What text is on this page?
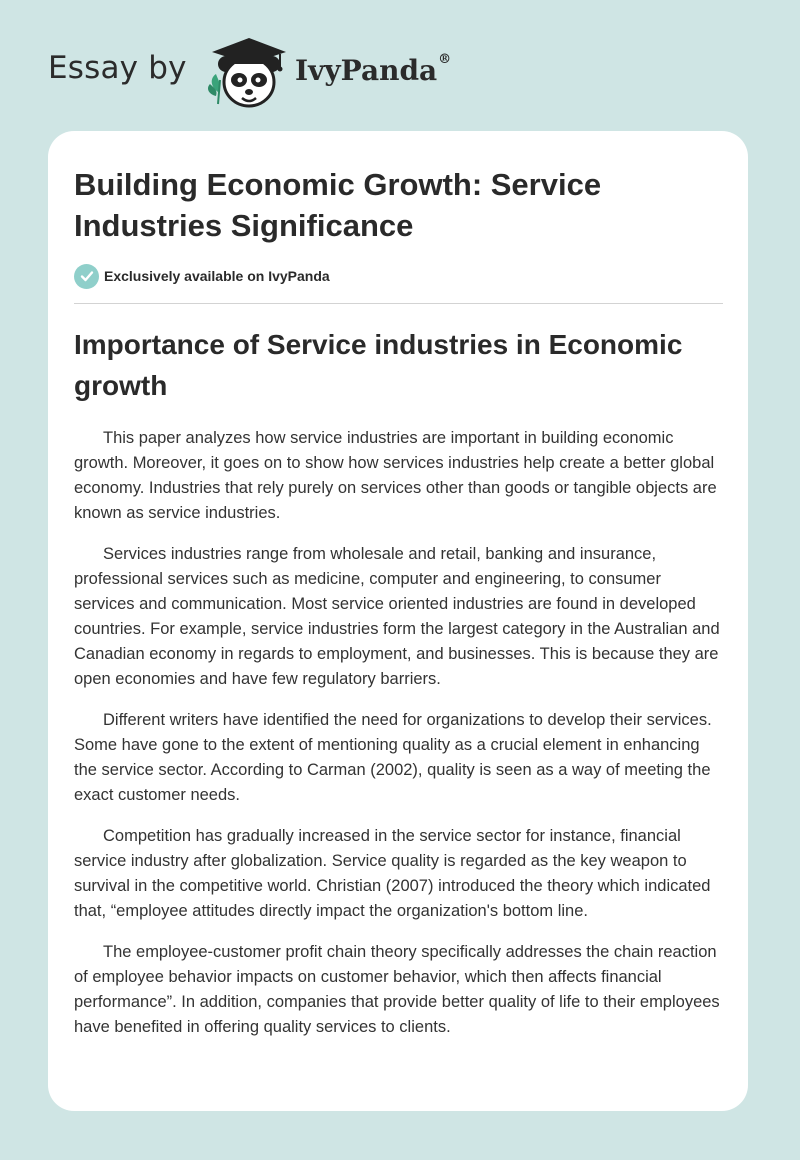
Essay by	IvyPanda®
Building Economic Growth: Service Industries Significance
Exclusively available on IvyPanda
Importance of Service industries in Economic growth

This paper analyzes how service industries are important in building economic growth. Moreover, it goes on to show how services industries help create a better global economy. Industries that rely purely on services other than goods or tangible objects are known as service industries.

Services industries range from wholesale and retail, banking and insurance, professional services such as medicine, computer and engineering, to consumer services and communication. Most service oriented industries are found in developed countries. For example, service industries form the largest category in the Australian and Canadian economy in regards to employment, and businesses. This is because they are open economies and have few regulatory barriers.

Different writers have identified the need for organizations to develop their services. Some have gone to the extent of mentioning quality as a crucial element in enhancing the service sector. According to Carman (2002), quality is seen as a way of meeting the exact customer needs.

Competition has gradually increased in the service sector for instance, financial service industry after globalization. Service quality is regarded as the key weapon to survival in the competitive world. Christian (2007) introduced the theory which indicated that, “employee attitudes directly impact the organization's bottom line.

The employee-customer profit chain theory specifically addresses the chain reaction of employee behavior impacts on customer behavior, which then affects financial performance”. In addition, companies that provide better quality of life to their employees have benefited in offering quality services to clients.
